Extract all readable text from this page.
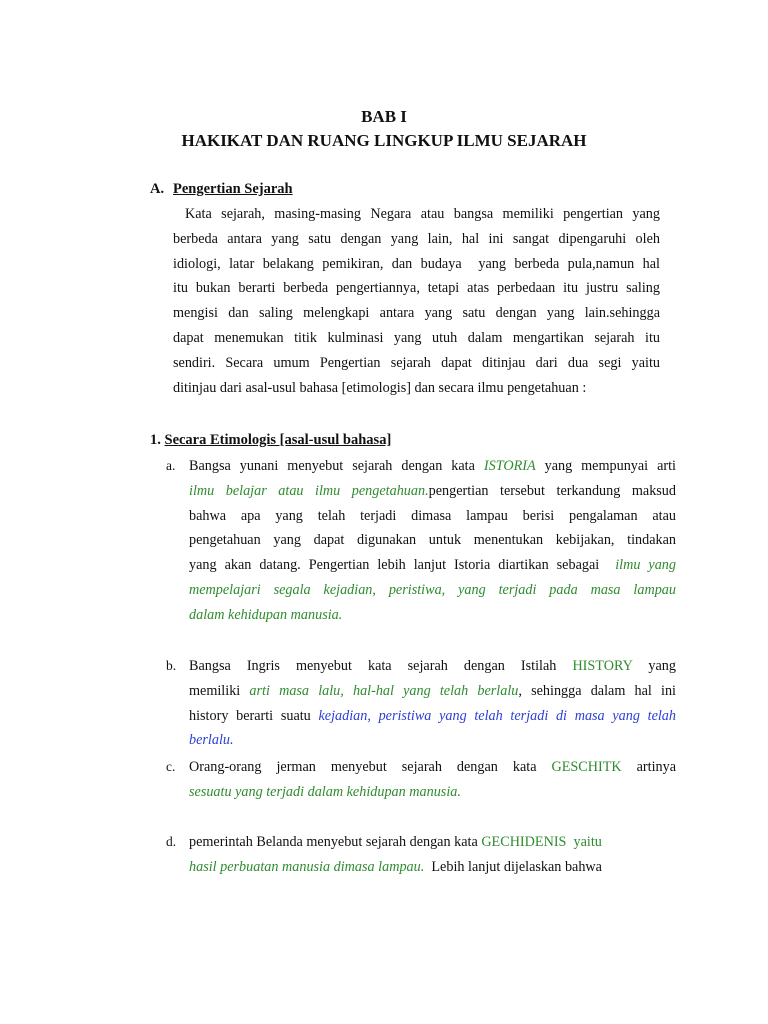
BAB I
HAKIKAT DAN RUANG LINGKUP ILMU SEJARAH
A. Pengertian Sejarah
Kata sejarah, masing-masing Negara atau bangsa memiliki pengertian yang
berbeda antara yang satu dengan yang lain, hal ini sangat dipengaruhi oleh
idiologi, latar belakang pemikiran, dan budaya  yang berbeda pula,namun hal
itu bukan berarti berbeda pengertiannya, tetapi atas perbedaan itu justru saling
mengisi dan saling melengkapi antara yang satu dengan yang lain.sehingga
dapat menemukan titik kulminasi yang utuh dalam mengartikan sejarah itu
sendiri. Secara umum Pengertian sejarah dapat ditinjau dari dua segi yaitu
ditinjau dari asal-usul bahasa [etimologis] dan secara ilmu pengetahuan :
1. Secara Etimologis [asal-usul bahasa]
a. Bangsa yunani menyebut sejarah dengan kata ISTORIA yang mempunyai arti
ilmu belajar atau ilmu pengetahuan.pengertian tersebut terkandung maksud
bahwa apa yang telah terjadi dimasa lampau berisi pengalaman atau
pengetahuan yang dapat digunakan untuk menentukan kebijakan, tindakan
yang akan datang. Pengertian lebih lanjut Istoria diartikan sebagai  ilmu yang
mempelajari segala kejadian, peristiwa, yang terjadi pada masa lampau
dalam kehidupan manusia.
b. Bangsa Ingris menyebut kata sejarah dengan Istilah HISTORY yang
memiliki arti masa lalu, hal-hal yang telah berlalu, sehingga dalam hal ini
history berarti suatu kejadian, peristiwa yang telah terjadi di masa yang telah
berlalu.
c. Orang-orang jerman menyebut sejarah dengan kata GESCHITK artinya
sesuatu yang terjadi dalam kehidupan manusia.
d. pemerintah Belanda menyebut sejarah dengan kata GECHIDENIS  yaitu
hasil perbuatan manusia dimasa lampau.  Lebih lanjut dijelaskan bahwa
